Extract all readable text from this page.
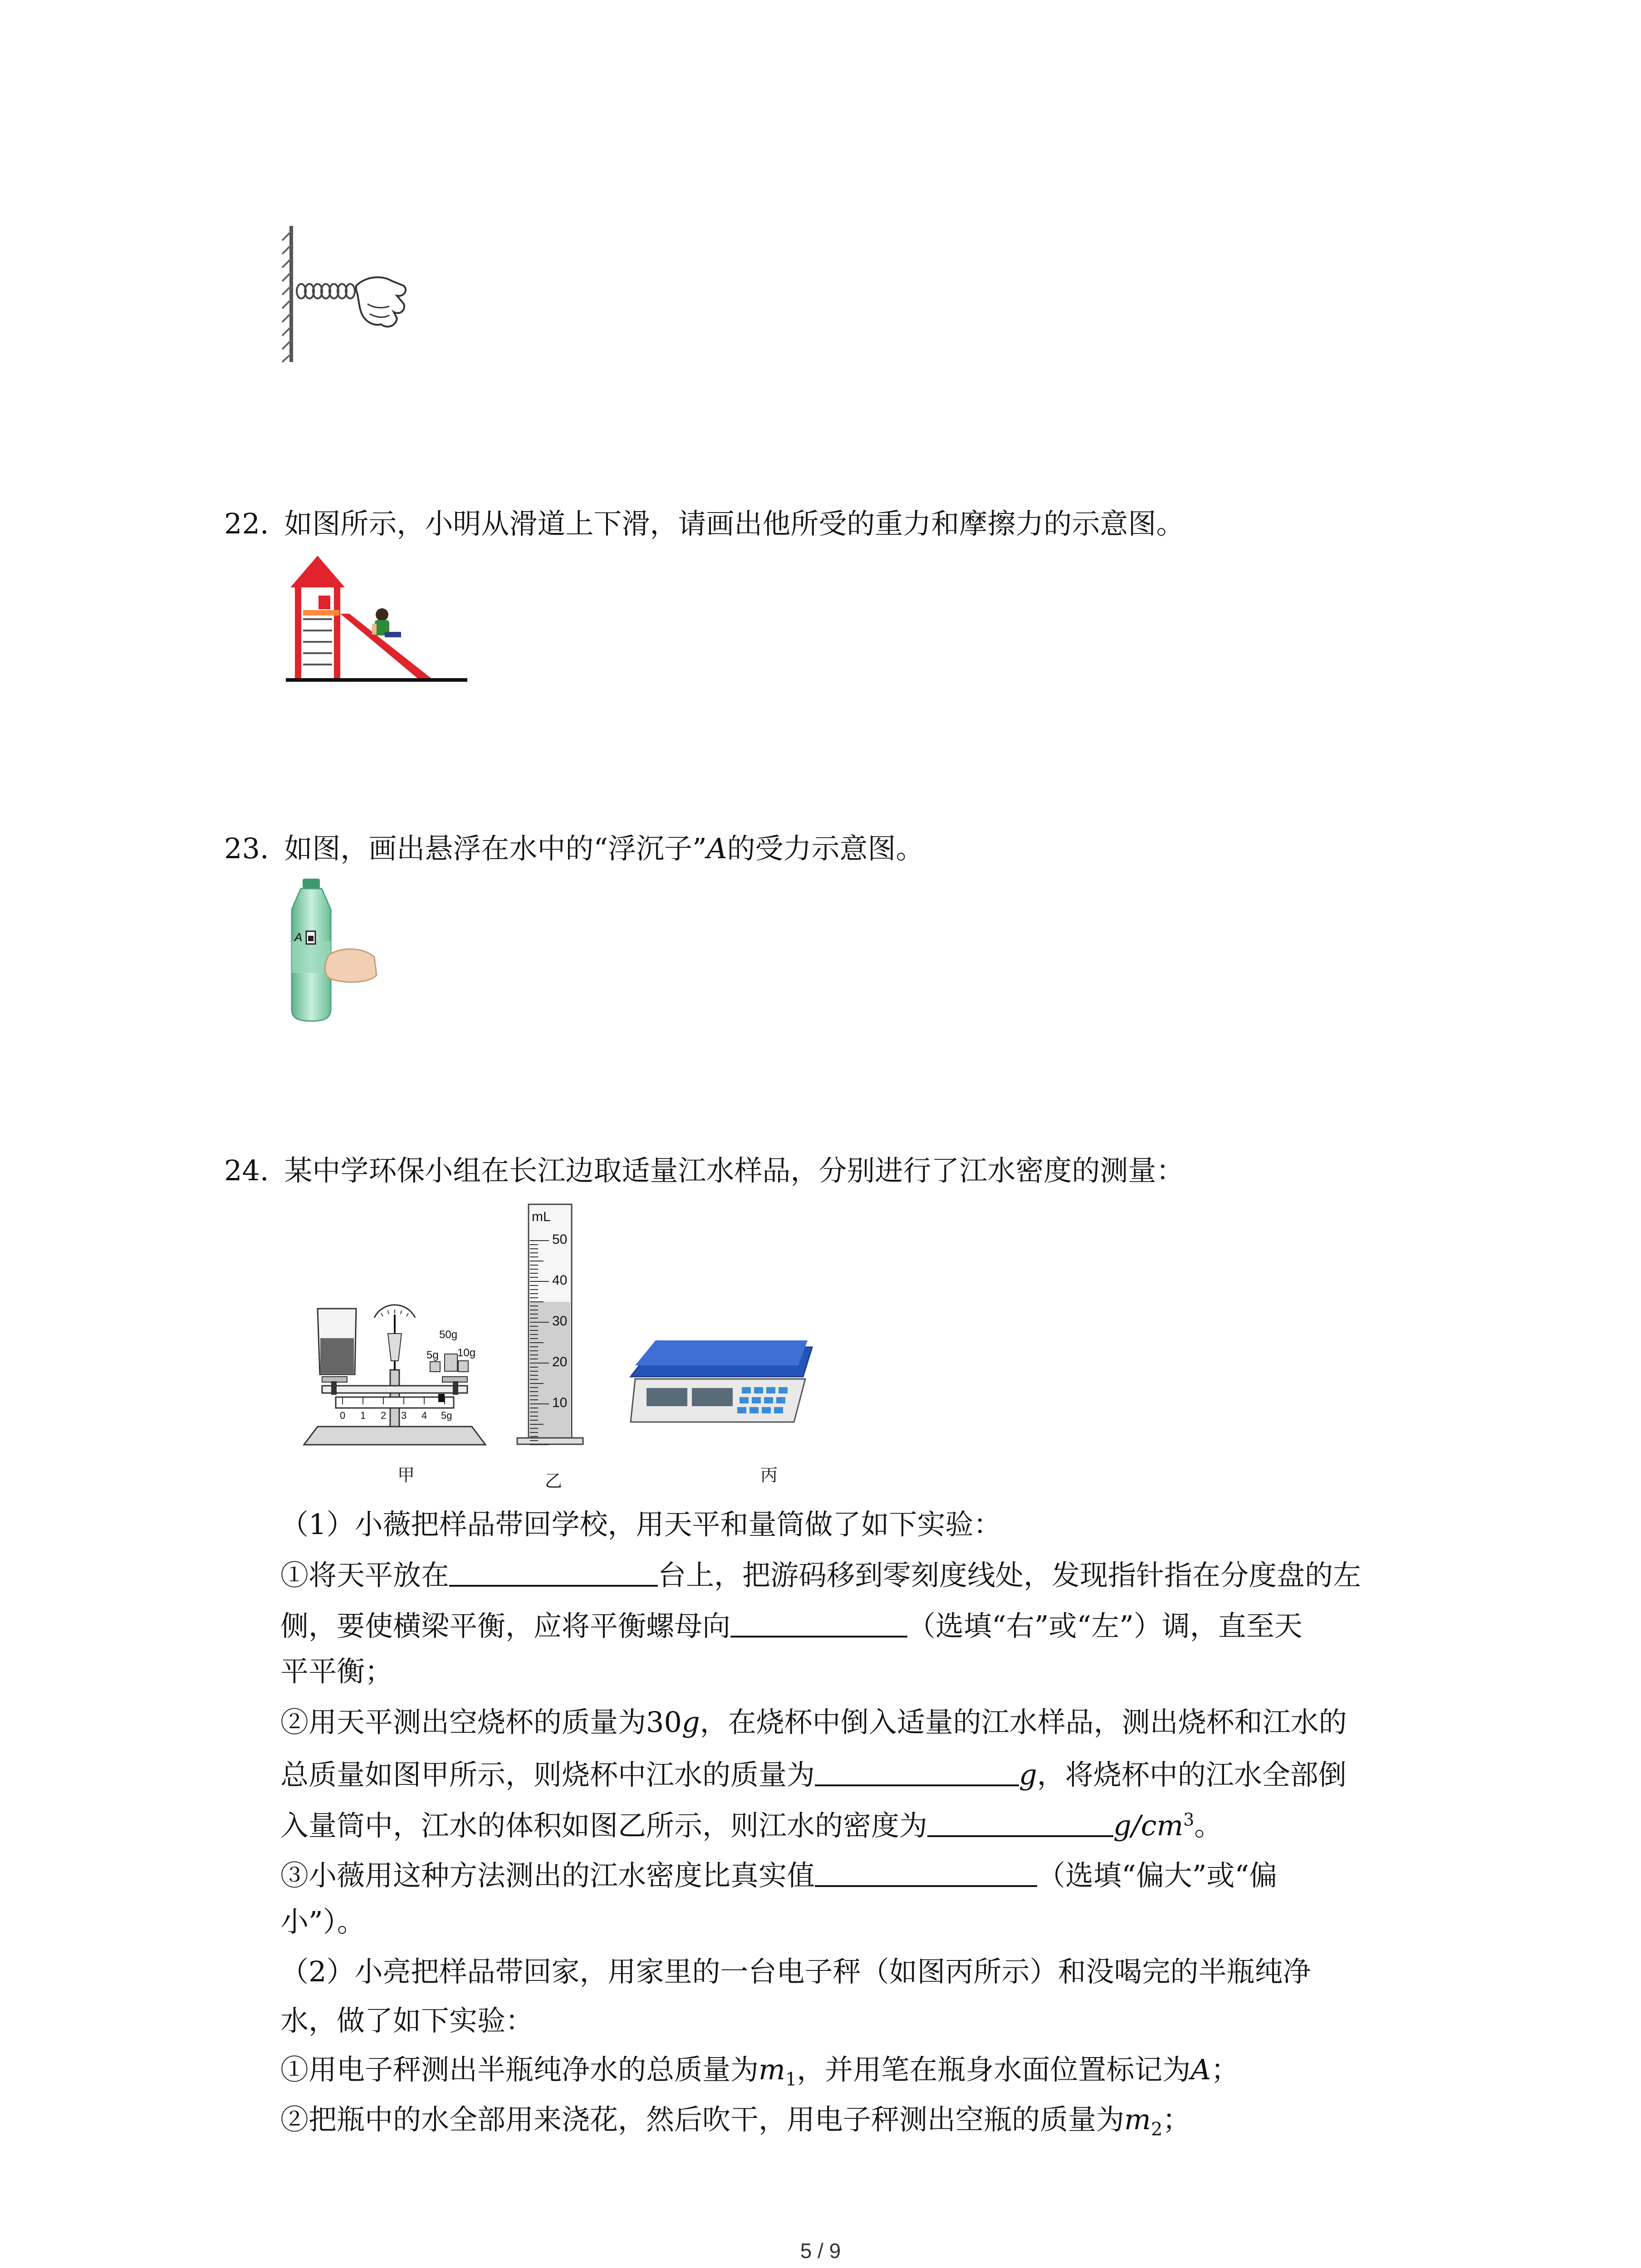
22. 如图所示，小明从滑道上下滑，请画出他所受的重力和摩擦力的示意图。
23. 如图，画出悬浮在水中的“浮沉子”A的受力示意图。
A
24. 某中学环保小组在长江边取适量江水样品，分别进行了江水密度的测量：
0 1 2 3 4 5g
50g
5g 10g
甲
mL
50
40
30
20
10
乙	丙
（1）小薇把样品带回学校，用天平和量筒做了如下实验：
①将天平放在	台上，把游码移到零刻度线处，发现指针指在分度盘的左
侧，要使横梁平衡，应将平衡螺母向	（选填“右”或“左”）调，直至天
平平衡；
②用天平测出空烧杯的质量为30g，在烧杯中倒入适量的江水样品，测出烧杯和江水的
总质量如图甲所示，则烧杯中江水的质量为	g，将烧杯中的江水全部倒
入量筒中，江水的体积如图乙所示，则江水的密度为	$g/cm^3$。
③小薇用这种方法测出的江水密度比真实值	（选填“偏大”或“偏
小”）。
（2）小亮把样品带回家，用家里的一台电子秤（如图丙所示）和没喝完的半瓶纯净
水，做了如下实验：
①用电子秤测出半瓶纯净水的总质量为$m_1$，并用笔在瓶身水面位置标记为A；
②把瓶中的水全部用来浇花，然后吹干，用电子秤测出空瓶的质量为$m_2$；
5 / 9
